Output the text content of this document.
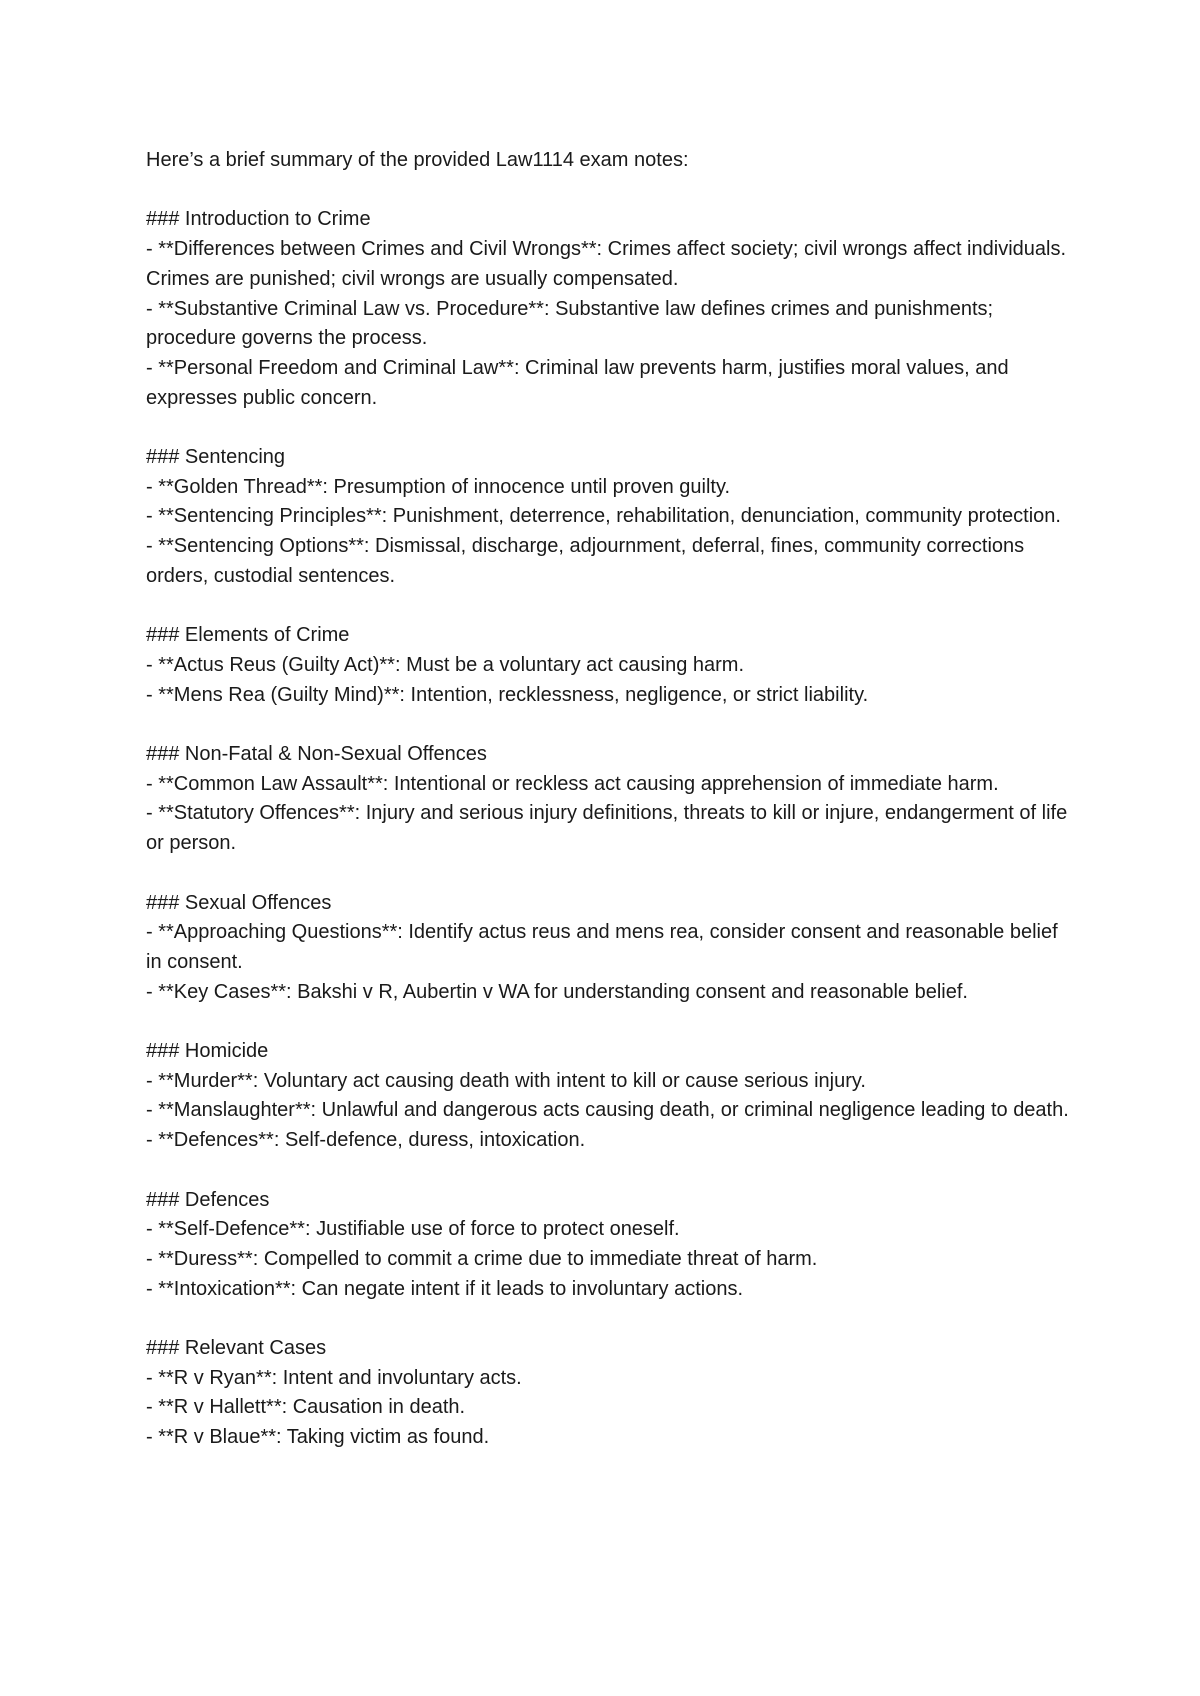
Here’s a brief summary of the provided Law1114 exam notes:

### Introduction to Crime

- **Differences between Crimes and Civil Wrongs**: Crimes affect society; civil wrongs affect individuals. Crimes are punished; civil wrongs are usually compensated.

- **Substantive Criminal Law vs. Procedure**: Substantive law defines crimes and punishments; procedure governs the process.

- **Personal Freedom and Criminal Law**: Criminal law prevents harm, justifies moral values, and expresses public concern.

### Sentencing

- **Golden Thread**: Presumption of innocence until proven guilty.

- **Sentencing Principles**: Punishment, deterrence, rehabilitation, denunciation, community protection.

- **Sentencing Options**: Dismissal, discharge, adjournment, deferral, fines, community corrections orders, custodial sentences.

### Elements of Crime

- **Actus Reus (Guilty Act)**: Must be a voluntary act causing harm.

- **Mens Rea (Guilty Mind)**: Intention, recklessness, negligence, or strict liability.

### Non-Fatal & Non-Sexual Offences

- **Common Law Assault**: Intentional or reckless act causing apprehension of immediate harm.

- **Statutory Offences**: Injury and serious injury definitions, threats to kill or injure, endangerment of life or person.

### Sexual Offences

- **Approaching Questions**: Identify actus reus and mens rea, consider consent and reasonable belief in consent.

- **Key Cases**: Bakshi v R, Aubertin v WA for understanding consent and reasonable belief.

### Homicide

- **Murder**: Voluntary act causing death with intent to kill or cause serious injury.

- **Manslaughter**: Unlawful and dangerous acts causing death, or criminal negligence leading to death.

- **Defences**: Self-defence, duress, intoxication.

### Defences

- **Self-Defence**: Justifiable use of force to protect oneself.

- **Duress**: Compelled to commit a crime due to immediate threat of harm.

- **Intoxication**: Can negate intent if it leads to involuntary actions.

### Relevant Cases

- **R v Ryan**: Intent and involuntary acts.

- **R v Hallett**: Causation in death.

- **R v Blaue**: Taking victim as found.
